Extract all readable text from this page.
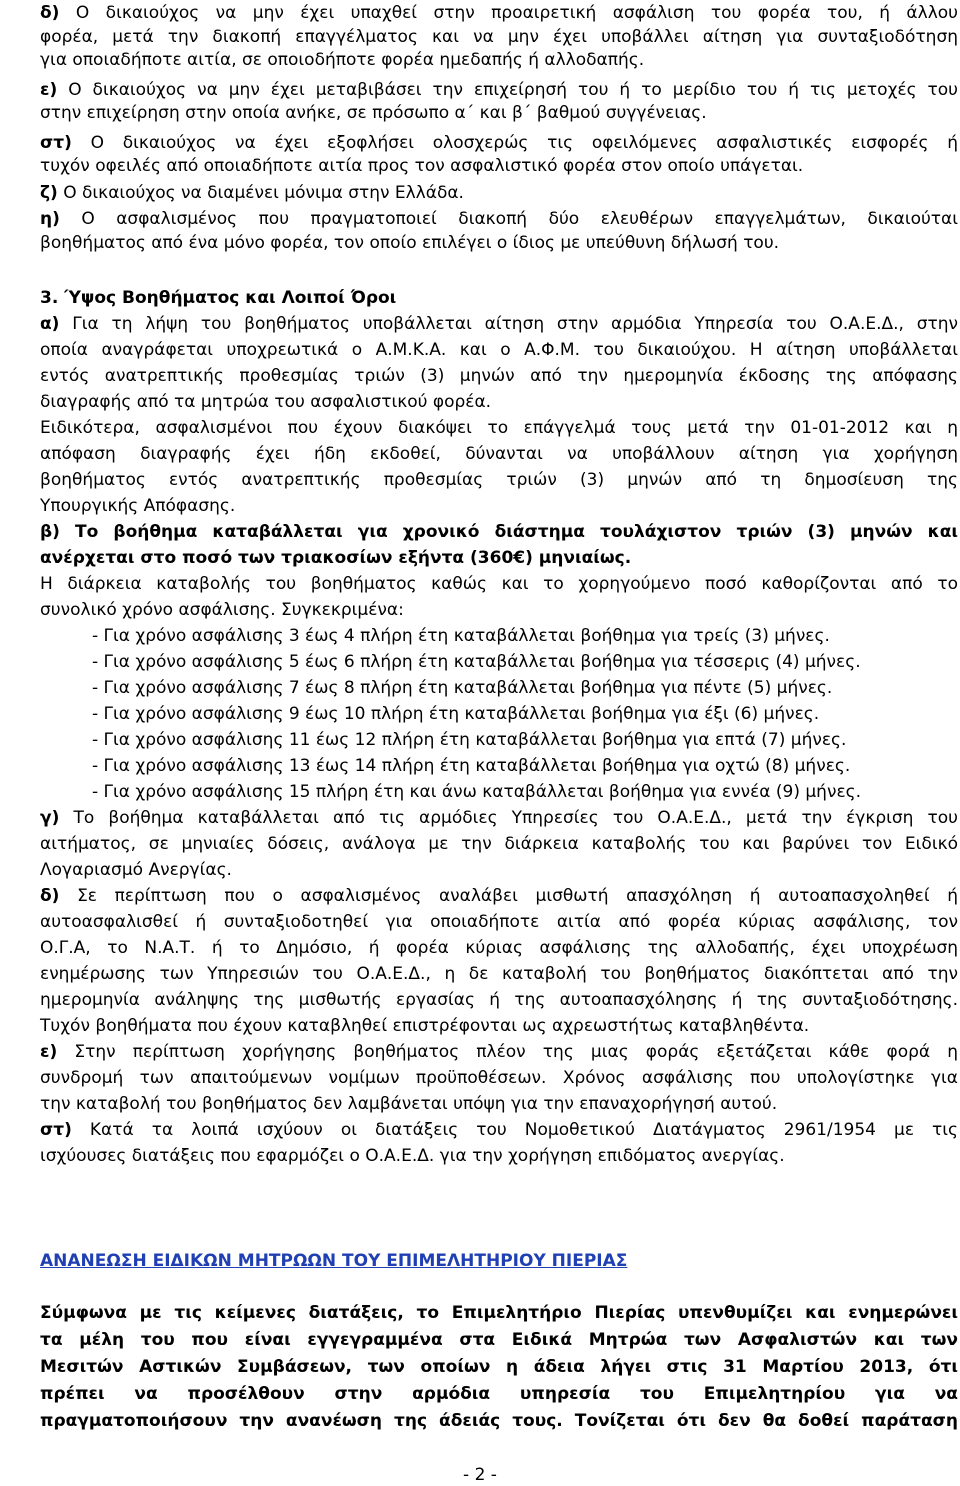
δ) Ο δικαιούχος να μην έχει υπαχθεί στην προαιρετική ασφάλιση του φορέα του, ή άλλου
φορέα, μετά την διακοπή επαγγέλματος και να μην έχει υποβάλλει αίτηση για συνταξιοδότηση
για οποιαδήποτε αιτία, σε οποιοδήποτε φορέα ημεδαπής ή αλλοδαπής.
ε) Ο δικαιούχος να μην έχει μεταβιβάσει την επιχείρησή του ή το μερίδιο του ή τις μετοχές του
στην επιχείρηση στην οποία ανήκε, σε πρόσωπο α΄ και β΄ βαθμού συγγένειας.
στ) Ο δικαιούχος να έχει εξοφλήσει ολοσχερώς τις οφειλόμενες ασφαλιστικές εισφορές ή
τυχόν οφειλές από οποιαδήποτε αιτία προς τον ασφαλιστικό φορέα στον οποίο υπάγεται.
ζ) Ο δικαιούχος να διαμένει μόνιμα στην Ελλάδα.
η) Ο ασφαλισμένος που πραγματοποιεί διακοπή δύο ελευθέρων επαγγελμάτων, δικαιούται
βοηθήματος από ένα μόνο φορέα, τον οποίο επιλέγει ο ίδιος με υπεύθυνη δήλωσή του.
3. Ύψος Βοηθήματος και Λοιποί Όροι
α) Για τη λήψη του βοηθήματος υποβάλλεται αίτηση στην αρμόδια Υπηρεσία του Ο.Α.Ε.Δ., στην
οποία αναγράφεται υποχρεωτικά ο Α.Μ.Κ.Α. και ο Α.Φ.Μ. του δικαιούχου. Η αίτηση υποβάλλεται
εντός ανατρεπτικής προθεσμίας τριών (3) μηνών από την ημερομηνία έκδοσης της απόφασης
διαγραφής από τα μητρώα του ασφαλιστικού φορέα.
Ειδικότερα, ασφαλισμένοι που έχουν διακόψει το επάγγελμά τους μετά την 01-01-2012 και η
απόφαση διαγραφής έχει ήδη εκδοθεί, δύνανται να υποβάλλουν αίτηση για χορήγηση
βοηθήματος εντός ανατρεπτικής προθεσμίας τριών (3) μηνών από τη δημοσίευση της
Υπουργικής Απόφασης.
β) Το βοήθημα καταβάλλεται για χρονικό διάστημα τουλάχιστον τριών (3) μηνών και
ανέρχεται στο ποσό των τριακοσίων εξήντα (360€) μηνιαίως.
Η διάρκεια καταβολής του βοηθήματος καθώς και το χορηγούμενο ποσό καθορίζονται από το
συνολικό χρόνο ασφάλισης. Συγκεκριμένα:
- Για χρόνο ασφάλισης 3 έως 4 πλήρη έτη καταβάλλεται βοήθημα για τρείς (3) μήνες.
- Για χρόνο ασφάλισης 5 έως 6 πλήρη έτη καταβάλλεται βοήθημα για τέσσερις (4) μήνες.
- Για χρόνο ασφάλισης 7 έως 8 πλήρη έτη καταβάλλεται βοήθημα για πέντε (5) μήνες.
- Για χρόνο ασφάλισης 9 έως 10 πλήρη έτη καταβάλλεται βοήθημα για έξι (6) μήνες.
- Για χρόνο ασφάλισης 11 έως 12 πλήρη έτη καταβάλλεται βοήθημα για επτά (7) μήνες.
- Για χρόνο ασφάλισης 13 έως 14 πλήρη έτη καταβάλλεται βοήθημα για οχτώ (8) μήνες.
- Για χρόνο ασφάλισης 15 πλήρη έτη και άνω καταβάλλεται βοήθημα για εννέα (9) μήνες.
γ) Το βοήθημα καταβάλλεται από τις αρμόδιες Υπηρεσίες του Ο.Α.Ε.Δ., μετά την έγκριση του
αιτήματος, σε μηνιαίες δόσεις, ανάλογα με την διάρκεια καταβολής του και βαρύνει τον Ειδικό
Λογαριασμό Ανεργίας.
δ) Σε περίπτωση που ο ασφαλισμένος αναλάβει μισθωτή απασχόληση ή αυτοαπασχοληθεί ή
αυτοασφαλισθεί ή συνταξιοδοτηθεί για οποιαδήποτε αιτία από φορέα κύριας ασφάλισης, τον
Ο.Γ.Α, το Ν.Α.Τ. ή το Δημόσιο, ή φορέα κύριας ασφάλισης της αλλοδαπής, έχει υποχρέωση
ενημέρωσης των Υπηρεσιών του Ο.Α.Ε.Δ., η δε καταβολή του βοηθήματος διακόπτεται από την
ημερομηνία ανάληψης της μισθωτής εργασίας ή της αυτοαπασχόλησης ή της συνταξιοδότησης.
Τυχόν βοηθήματα που έχουν καταβληθεί επιστρέφονται ως αχρεωστήτως καταβληθέντα.
ε) Στην περίπτωση χορήγησης βοηθήματος πλέον της μιας φοράς εξετάζεται κάθε φορά η
συνδρομή των απαιτούμενων νομίμων προϋποθέσεων. Χρόνος ασφάλισης που υπολογίστηκε για
την καταβολή του βοηθήματος δεν λαμβάνεται υπόψη για την επαναχορήγησή αυτού.
στ) Κατά τα λοιπά ισχύουν οι διατάξεις του Νομοθετικού Διατάγματος 2961/1954 με τις
ισχύουσες διατάξεις που εφαρμόζει ο Ο.Α.Ε.Δ. για την χορήγηση επιδόματος ανεργίας.
ΑΝΑΝΕΩΣΗ ΕΙΔΙΚΩΝ ΜΗΤΡΩΩΝ ΤΟΥ ΕΠΙΜΕΛΗΤΗΡΙΟΥ ΠΙΕΡΙΑΣ
Σύμφωνα με τις κείμενες διατάξεις, το Επιμελητήριο Πιερίας υπενθυμίζει και ενημερώνει
τα μέλη του που είναι εγγεγραμμένα στα Ειδικά Μητρώα των Ασφαλιστών και των
Μεσιτών Αστικών Συμβάσεων, των οποίων η άδεια λήγει στις 31 Μαρτίου 2013, ότι
πρέπει να προσέλθουν στην αρμόδια υπηρεσία του Επιμελητηρίου για να
πραγματοποιήσουν την ανανέωση της άδειάς τους. Τονίζεται ότι δεν θα δοθεί παράταση
- 2 -
